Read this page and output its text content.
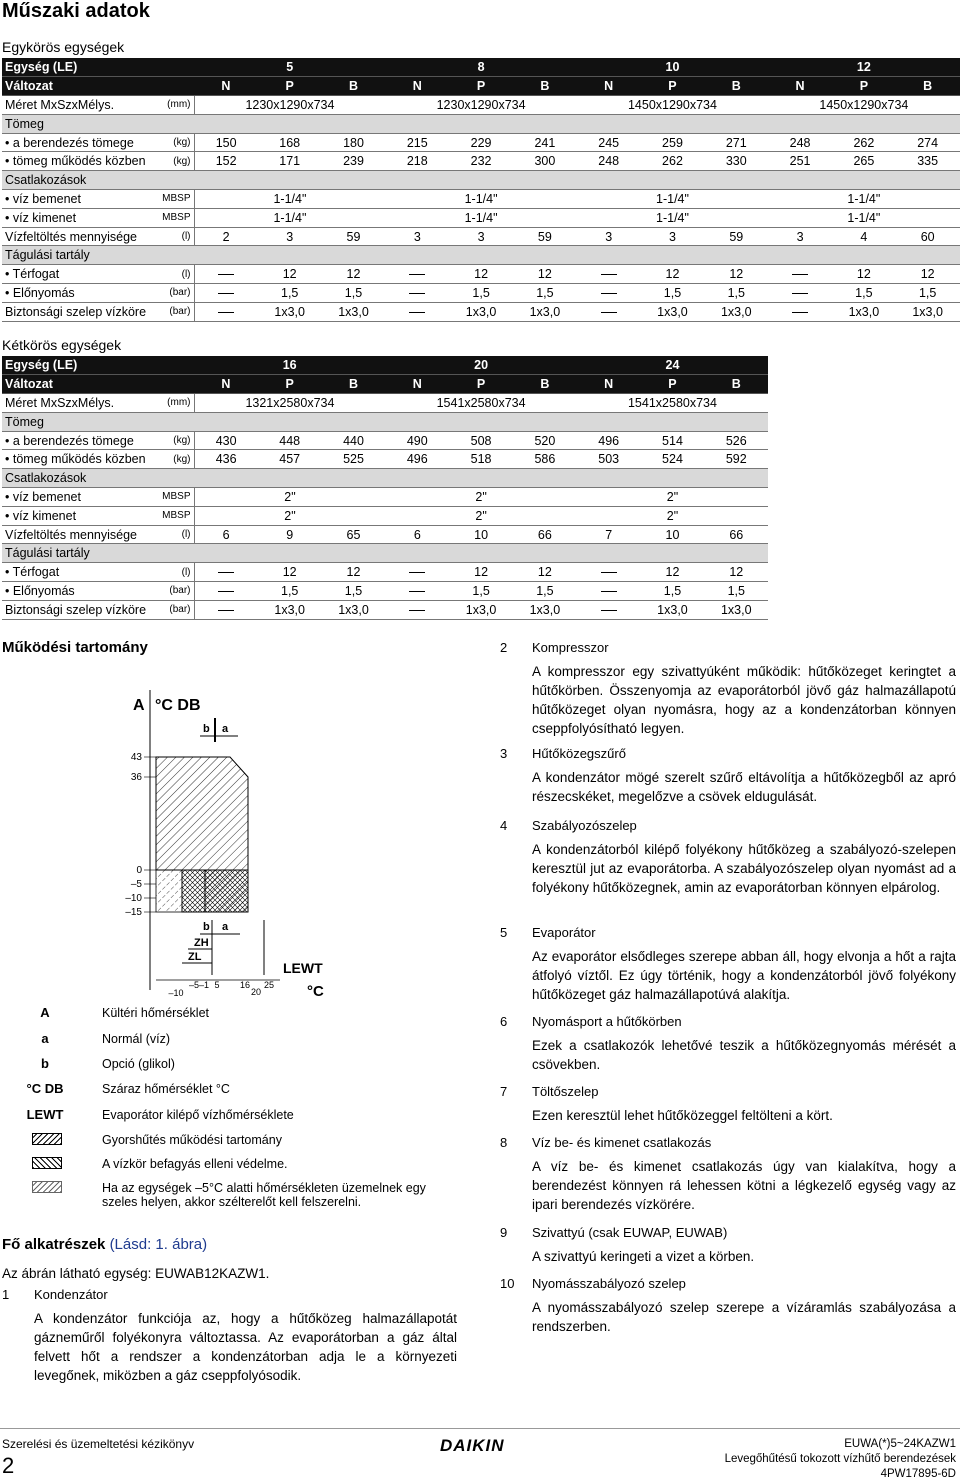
Műszaki adatok
Egykörös egységek
Egység (LE)		5			8			10			12		
Változat		N	P	B	N	P	B	N	P	B	N	P	B
Méret MxSzxMélys.	(mm)	1230x1290x734			1230x1290x734			1450x1290x734			1450x1290x734		
Tömeg													
• a berendezés tömege	(kg)	150	168	180	215	229	241	245	259	271	248	262	274
• tömeg működés közben	(kg)	152	171	239	218	232	300	248	262	330	251	265	335
Csatlakozások													
• víz bemenet	MBSP	1-1/4"			1-1/4"			1-1/4"			1-1/4"		
• víz kimenet	MBSP	1-1/4"			1-1/4"			1-1/4"			1-1/4"		
Vízfeltöltés mennyisége	(l)	2	3	59	3	3	59	3	3	59	3	4	60
Tágulási tartály													
• Térfogat	(l)		12	12		12	12		12	12		12	12
• Előnyomás	(bar)		1,5	1,5		1,5	1,5		1,5	1,5		1,5	1,5
Biztonsági szelep vízköre	(bar)		1x3,0	1x3,0		1x3,0	1x3,0		1x3,0	1x3,0		1x3,0	1x3,0
Kétkörös egységek
Egység (LE)		16			20			24		
Változat		N	P	B	N	P	B	N	P	B
Méret MxSzxMélys.	(mm)	1321x2580x734			1541x2580x734			1541x2580x734		
Tömeg										
• a berendezés tömege	(kg)	430	448	440	490	508	520	496	514	526
• tömeg működés közben	(kg)	436	457	525	496	518	586	503	524	592
Csatlakozások										
• víz bemenet	MBSP	2"			2"			2"		
• víz kimenet	MBSP	2"			2"			2"		
Vízfeltöltés mennyisége	(l)	6	9	65	6	10	66	7	10	66
Tágulási tartály										
• Térfogat	(l)		12	12		12	12		12	12
• Előnyomás	(bar)		1,5	1,5		1,5	1,5		1,5	1,5
Biztonsági szelep vízköre	(bar)		1x3,0	1x3,0		1x3,0	1x3,0		1x3,0	1x3,0
Működési tartomány
A °C DB
b a
43
36
0
–5
–10
–15
b a
ZH
ZL
LEWT
°C
–10
–5 –1 5 16
20
25
A	Kültéri hőmérséklet
a	Normál (víz)
b	Opció (glikol)
°C DB	Száraz hőmérséklet °C
LEWT	Evaporátor kilépő vízhőmérséklete
Gyorshűtés működési tartomány
A vízkör befagyás elleni védelme.
Ha az egységek –5°C alatti hőmérsékleten üzemelnek egy szeles helyen, akkor szélterelőt kell felszerelni.
Fő alkatrészek (Lásd: 1. ábra)
Az ábrán látható egység: EUWAB12KAZW1.
1 Kondenzátor
A kondenzátor funkciója az, hogy a hűtőközeg halmazállapotát gázneműről folyékonyra változtassa. Az evaporátorban a gáz által felvett hőt a rendszer a kondenzátorban adja le a környezeti levegőnek, miközben a gáz cseppfolyósodik.
2 Kompresszor
A kompresszor egy szivattyúként működik: hűtőközeget keringtet a hűtőkörben. Összenyomja az evaporátorból jövő gáz halmazállapotú hűtőközeget olyan nyomásra, hogy az a kondenzátorban könnyen cseppfolyósítható legyen.
3 Hűtőközegszűrő
A kondenzátor mögé szerelt szűrő eltávolítja a hűtőközegből az apró részecskéket, megelőzve a csövek eldugulását.
4 Szabályozószelep
A kondenzátorból kilépő folyékony hűtőközeg a szabályozó-szelepen keresztül jut az evaporátorba. A szabályozószelep olyan nyomást ad a folyékony hűtőközegnek, amin az evaporátorban könnyen elpárolog.
5 Evaporátor
Az evaporátor elsődleges szerepe abban áll, hogy elvonja a hőt a rajta átfolyó víztől. Ez úgy történik, hogy a kondenzátorból jövő folyékony hűtőközeget gáz halmazállapotúvá alakítja.
6 Nyomásport a hűtőkörben
Ezek a csatlakozók lehetővé teszik a hűtőközegnyomás mérését a csövekben.
7 Töltőszelep
Ezen keresztül lehet hűtőközeggel feltölteni a kört.
8 Víz be- és kimenet csatlakozás
A víz be- és kimenet csatlakozás úgy van kialakítva, hogy a berendezést könnyen rá lehessen kötni a légkezelő egység vagy az ipari berendezés vízkörére.
9 Szivattyú (csak EUWAP, EUWAB)
A szivattyú keringeti a vizet a körben.
10 Nyomásszabályozó szelep
A nyomásszabályozó szelep szerepe a vízáramlás szabályozása a rendszerben.
Szerelési és üzemeltetési kézikönyv
2
DAIKIN	EUWA(*)5~24KAZW1
Levegőhűtésű tokozott vízhűtő berendezések
4PW17895-6D
